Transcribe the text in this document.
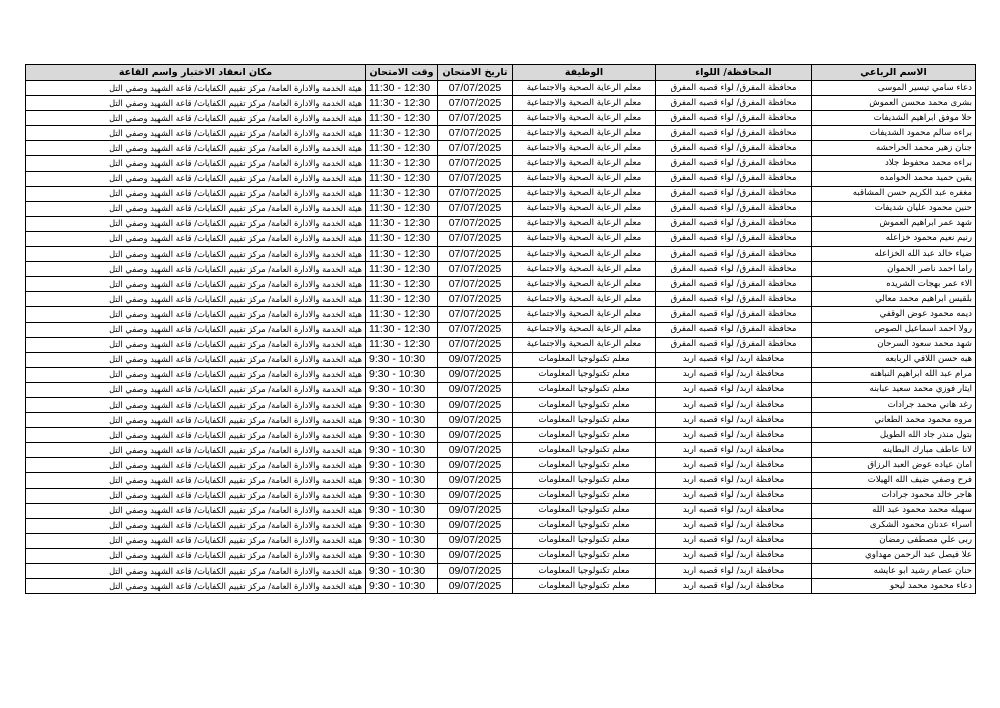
الاسم الرباعي	المحافظة/ اللواء	الوظيفة	تاريخ الامتحان	وقت الامتحان	مكان انعقاد الاختبار واسم القاعة
دعاء سامي تيسير الموسى	محافظة المفرق/ لواء قصبه المفرق	معلم الرعاية الصحية والاجتماعية	07/07/2025	11:30 - 12:30	هيئة الخدمة والادارة العامة/ مركز تقييم الكفايات/ قاعة الشهيد وصفي التل
بشرى محمد محسن العموش	محافظة المفرق/ لواء قصبه المفرق	معلم الرعاية الصحية والاجتماعية	07/07/2025	11:30 - 12:30	هيئة الخدمة والادارة العامة/ مركز تقييم الكفايات/ قاعة الشهيد وصفي التل
حلا موفق ابراهيم الشديفات	محافظة المفرق/ لواء قصبه المفرق	معلم الرعاية الصحية والاجتماعية	07/07/2025	11:30 - 12:30	هيئة الخدمة والادارة العامة/ مركز تقييم الكفايات/ قاعة الشهيد وصفي التل
براءه سالم محمود الشديفات	محافظة المفرق/ لواء قصبه المفرق	معلم الرعاية الصحية والاجتماعية	07/07/2025	11:30 - 12:30	هيئة الخدمة والادارة العامة/ مركز تقييم الكفايات/ قاعة الشهيد وصفي التل
جنان زهير محمد الحراحشه	محافظة المفرق/ لواء قصبه المفرق	معلم الرعاية الصحية والاجتماعية	07/07/2025	11:30 - 12:30	هيئة الخدمة والادارة العامة/ مركز تقييم الكفايات/ قاعة الشهيد وصفي التل
براءه محمد محفوظ جلاد	محافظة المفرق/ لواء قصبه المفرق	معلم الرعاية الصحية والاجتماعية	07/07/2025	11:30 - 12:30	هيئة الخدمة والادارة العامة/ مركز تقييم الكفايات/ قاعة الشهيد وصفي التل
يقين حميد محمد الحوامده	محافظة المفرق/ لواء قصبه المفرق	معلم الرعاية الصحية والاجتماعية	07/07/2025	11:30 - 12:30	هيئة الخدمة والادارة العامة/ مركز تقييم الكفايات/ قاعة الشهيد وصفي التل
مغفره عبد الكريم حسن المشاقبه	محافظة المفرق/ لواء قصبه المفرق	معلم الرعاية الصحية والاجتماعية	07/07/2025	11:30 - 12:30	هيئة الخدمة والادارة العامة/ مركز تقييم الكفايات/ قاعة الشهيد وصفي التل
حنين محمود عليان شديفات	محافظة المفرق/ لواء قصبه المفرق	معلم الرعاية الصحية والاجتماعية	07/07/2025	11:30 - 12:30	هيئة الخدمة والادارة العامة/ مركز تقييم الكفايات/ قاعة الشهيد وصفي التل
شهد عمر ابراهيم العموش	محافظة المفرق/ لواء قصبه المفرق	معلم الرعاية الصحية والاجتماعية	07/07/2025	11:30 - 12:30	هيئة الخدمة والادارة العامة/ مركز تقييم الكفايات/ قاعة الشهيد وصفي التل
رنيم نعيم محمود خزاعله	محافظة المفرق/ لواء قصبه المفرق	معلم الرعاية الصحية والاجتماعية	07/07/2025	11:30 - 12:30	هيئة الخدمة والادارة العامة/ مركز تقييم الكفايات/ قاعة الشهيد وصفي التل
ضياء خالد عبد الله الخزاعله	محافظة المفرق/ لواء قصبه المفرق	معلم الرعاية الصحية والاجتماعية	07/07/2025	11:30 - 12:30	هيئة الخدمة والادارة العامة/ مركز تقييم الكفايات/ قاعة الشهيد وصفي التل
راما احمد ناصر الحموان	محافظة المفرق/ لواء قصبه المفرق	معلم الرعاية الصحية والاجتماعية	07/07/2025	11:30 - 12:30	هيئة الخدمة والادارة العامة/ مركز تقييم الكفايات/ قاعة الشهيد وصفي التل
الاء عمر بهجات الشريده	محافظة المفرق/ لواء قصبه المفرق	معلم الرعاية الصحية والاجتماعية	07/07/2025	11:30 - 12:30	هيئة الخدمة والادارة العامة/ مركز تقييم الكفايات/ قاعة الشهيد وصفي التل
بلقيس ابراهيم محمد معالي	محافظة المفرق/ لواء قصبه المفرق	معلم الرعاية الصحية والاجتماعية	07/07/2025	11:30 - 12:30	هيئة الخدمة والادارة العامة/ مركز تقييم الكفايات/ قاعة الشهيد وصفي التل
ديمه محمود عوض الوقفي	محافظة المفرق/ لواء قصبه المفرق	معلم الرعاية الصحية والاجتماعية	07/07/2025	11:30 - 12:30	هيئة الخدمة والادارة العامة/ مركز تقييم الكفايات/ قاعة الشهيد وصفي التل
رولا احمد اسماعيل الصوص	محافظة المفرق/ لواء قصبه المفرق	معلم الرعاية الصحية والاجتماعية	07/07/2025	11:30 - 12:30	هيئة الخدمة والادارة العامة/ مركز تقييم الكفايات/ قاعة الشهيد وصفي التل
شهد محمد سعود السرحان	محافظة المفرق/ لواء قصبه المفرق	معلم الرعاية الصحية والاجتماعية	07/07/2025	11:30 - 12:30	هيئة الخدمة والادارة العامة/ مركز تقييم الكفايات/ قاعة الشهيد وصفي التل
هبه حسن اللافي الربابعه	محافظة اربد/ لواء قصبه اربد	معلم تكنولوجيا المعلومات	09/07/2025	9:30 - 10:30	هيئة الخدمة والادارة العامة/ مركز تقييم الكفايات/ قاعة الشهيد وصفي التل
مرام عبد الله ابراهيم النباهنه	محافظة اربد/ لواء قصبه اربد	معلم تكنولوجيا المعلومات	09/07/2025	9:30 - 10:30	هيئة الخدمة والادارة العامة/ مركز تقييم الكفايات/ قاعة الشهيد وصفي التل
ايثار فوزي محمد سعيد عبابنه	محافظة اربد/ لواء قصبه اربد	معلم تكنولوجيا المعلومات	09/07/2025	9:30 - 10:30	هيئة الخدمة والادارة العامة/ مركز تقييم الكفايات/ قاعة الشهيد وصفي التل
رغد هاني محمد جرادات	محافظة اربد/ لواء قصبه اربد	معلم تكنولوجيا المعلومات	09/07/2025	9:30 - 10:30	هيئة الخدمة والادارة العامة/ مركز تقييم الكفايات/ قاعة الشهيد وصفي التل
مروه محمود محمد الطعاني	محافظة اربد/ لواء قصبه اربد	معلم تكنولوجيا المعلومات	09/07/2025	9:30 - 10:30	هيئة الخدمة والادارة العامة/ مركز تقييم الكفايات/ قاعة الشهيد وصفي التل
بتول منذر جاد الله الطويل	محافظة اربد/ لواء قصبه اربد	معلم تكنولوجيا المعلومات	09/07/2025	9:30 - 10:30	هيئة الخدمة والادارة العامة/ مركز تقييم الكفايات/ قاعة الشهيد وصفي التل
لانا عاطف مبارك البطاينه	محافظة اربد/ لواء قصبه اربد	معلم تكنولوجيا المعلومات	09/07/2025	9:30 - 10:30	هيئة الخدمة والادارة العامة/ مركز تقييم الكفايات/ قاعة الشهيد وصفي التل
امان عياده عوض العبد الرزاق	محافظة اربد/ لواء قصبه اربد	معلم تكنولوجيا المعلومات	09/07/2025	9:30 - 10:30	هيئة الخدمة والادارة العامة/ مركز تقييم الكفايات/ قاعة الشهيد وصفي التل
فرح وصفي ضيف الله الهيلات	محافظة اربد/ لواء قصبه اربد	معلم تكنولوجيا المعلومات	09/07/2025	9:30 - 10:30	هيئة الخدمة والادارة العامة/ مركز تقييم الكفايات/ قاعة الشهيد وصفي التل
هاجر خالد محمود جرادات	محافظة اربد/ لواء قصبه اربد	معلم تكنولوجيا المعلومات	09/07/2025	9:30 - 10:30	هيئة الخدمة والادارة العامة/ مركز تقييم الكفايات/ قاعة الشهيد وصفي التل
سهيله محمد محمود عبد الله	محافظة اربد/ لواء قصبه اربد	معلم تكنولوجيا المعلومات	09/07/2025	9:30 - 10:30	هيئة الخدمة والادارة العامة/ مركز تقييم الكفايات/ قاعة الشهيد وصفي التل
اسراء عدنان محمود الشكرى	محافظة اربد/ لواء قصبه اربد	معلم تكنولوجيا المعلومات	09/07/2025	9:30 - 10:30	هيئة الخدمة والادارة العامة/ مركز تقييم الكفايات/ قاعة الشهيد وصفي التل
ربى علي مصطفى رمضان	محافظة اربد/ لواء قصبه اربد	معلم تكنولوجيا المعلومات	09/07/2025	9:30 - 10:30	هيئة الخدمة والادارة العامة/ مركز تقييم الكفايات/ قاعة الشهيد وصفي التل
علا فيصل عبد الرحمن مهداوي	محافظة اربد/ لواء قصبه اربد	معلم تكنولوجيا المعلومات	09/07/2025	9:30 - 10:30	هيئة الخدمة والادارة العامة/ مركز تقييم الكفايات/ قاعة الشهيد وصفي التل
حنان عصام رشيد ابو عايشه	محافظة اربد/ لواء قصبه اربد	معلم تكنولوجيا المعلومات	09/07/2025	9:30 - 10:30	هيئة الخدمة والادارة العامة/ مركز تقييم الكفايات/ قاعة الشهيد وصفي التل
دعاء محمود محمد ليحو	محافظة اربد/ لواء قصبه اربد	معلم تكنولوجيا المعلومات	09/07/2025	9:30 - 10:30	هيئة الخدمة والادارة العامة/ مركز تقييم الكفايات/ قاعة الشهيد وصفي التل
